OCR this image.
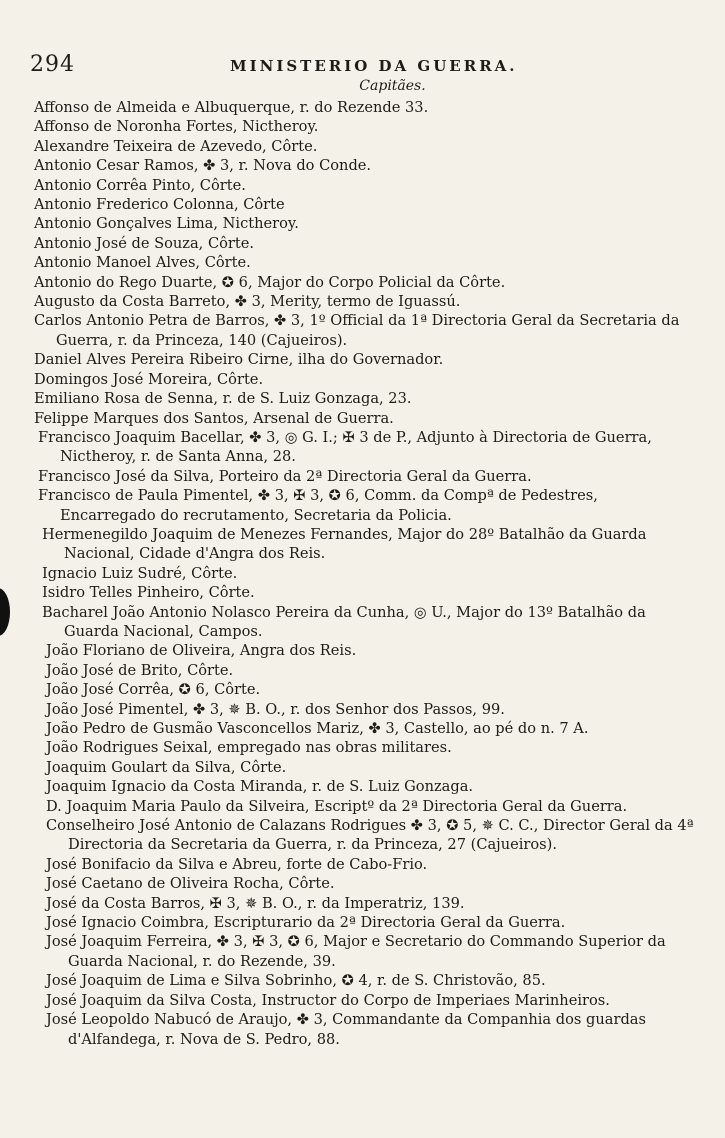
294	MINISTERIO DA GUERRA.
Capitães.
Affonso de Almeida e Albuquerque, r. do Rezende 33.
Affonso de Noronha Fortes, Nictheroy.
Alexandre Teixeira de Azevedo, Côrte.
Antonio Cesar Ramos, ✤ 3, r. Nova do Conde.
Antonio Corrêa Pinto, Côrte.
Antonio Frederico Colonna, Côrte
Antonio Gonçalves Lima, Nictheroy.
Antonio José de Souza, Côrte.
Antonio Manoel Alves, Côrte.
Antonio do Rego Duarte, ✪ 6, Major do Corpo Policial da Côrte.
Augusto da Costa Barreto, ✤ 3, Merity, termo de Iguassú.
Carlos Antonio Petra de Barros, ✤ 3, 1º Official da 1ª Directoria Geral da Secretaria da Guerra, r. da Princeza, 140 (Cajueiros).
Daniel Alves Pereira Ribeiro Cirne, ilha do Governador.
Domingos José Moreira, Côrte.
Emiliano Rosa de Senna, r. de S. Luiz Gonzaga, 23.
Felippe Marques dos Santos, Arsenal de Guerra.
Francisco Joaquim Bacellar, ✤ 3, ◎ G. I.; ✠ 3 de P., Adjunto à Directoria de Guerra, Nictheroy, r. de Santa Anna, 28.
Francisco José da Silva, Porteiro da 2ª Directoria Geral da Guerra.
Francisco de Paula Pimentel, ✤ 3, ✠ 3, ✪ 6, Comm. da Compª de Pedestres, Encarregado do recrutamento, Secretaria da Policia.
Hermenegildo Joaquim de Menezes Fernandes, Major do 28º Batalhão da Guarda Nacional, Cidade d'Angra dos Reis.
Ignacio Luiz Sudré, Côrte.
Isidro Telles Pinheiro, Côrte.
Bacharel João Antonio Nolasco Pereira da Cunha, ◎ U., Major do 13º Batalhão da Guarda Nacional, Campos.
João Floriano de Oliveira, Angra dos Reis.
João José de Brito, Côrte.
João José Corrêa, ✪ 6, Côrte.
João José Pimentel, ✤ 3, ✵ B. O., r. dos Senhor dos Passos, 99.
João Pedro de Gusmão Vasconcellos Mariz, ✤ 3, Castello, ao pé do n. 7 A.
João Rodrigues Seixal, empregado nas obras militares.
Joaquim Goulart da Silva, Côrte.
Joaquim Ignacio da Costa Miranda, r. de S. Luiz Gonzaga.
D. Joaquim Maria Paulo da Silveira, Escriptº da 2ª Directoria Geral da Guerra.
Conselheiro José Antonio de Calazans Rodrigues ✤ 3, ✪ 5, ✵ C. C., Director Geral da 4ª Directoria da Secretaria da Guerra, r. da Princeza, 27 (Cajueiros).
José Bonifacio da Silva e Abreu, forte de Cabo-Frio.
José Caetano de Oliveira Rocha, Côrte.
José da Costa Barros, ✠ 3, ✵ B. O., r. da Imperatriz, 139.
José Ignacio Coimbra, Escripturario da 2ª Directoria Geral da Guerra.
José Joaquim Ferreira, ✤ 3, ✠ 3, ✪ 6, Major e Secretario do Commando Superior da Guarda Nacional, r. do Rezende, 39.
José Joaquim de Lima e Silva Sobrinho, ✪ 4, r. de S. Christovão, 85.
José Joaquim da Silva Costa, Instructor do Corpo de Imperiaes Marinheiros.
José Leopoldo Nabucó de Araujo, ✤ 3, Commandante da Companhia dos guardas d'Alfandega, r. Nova de S. Pedro, 88.
